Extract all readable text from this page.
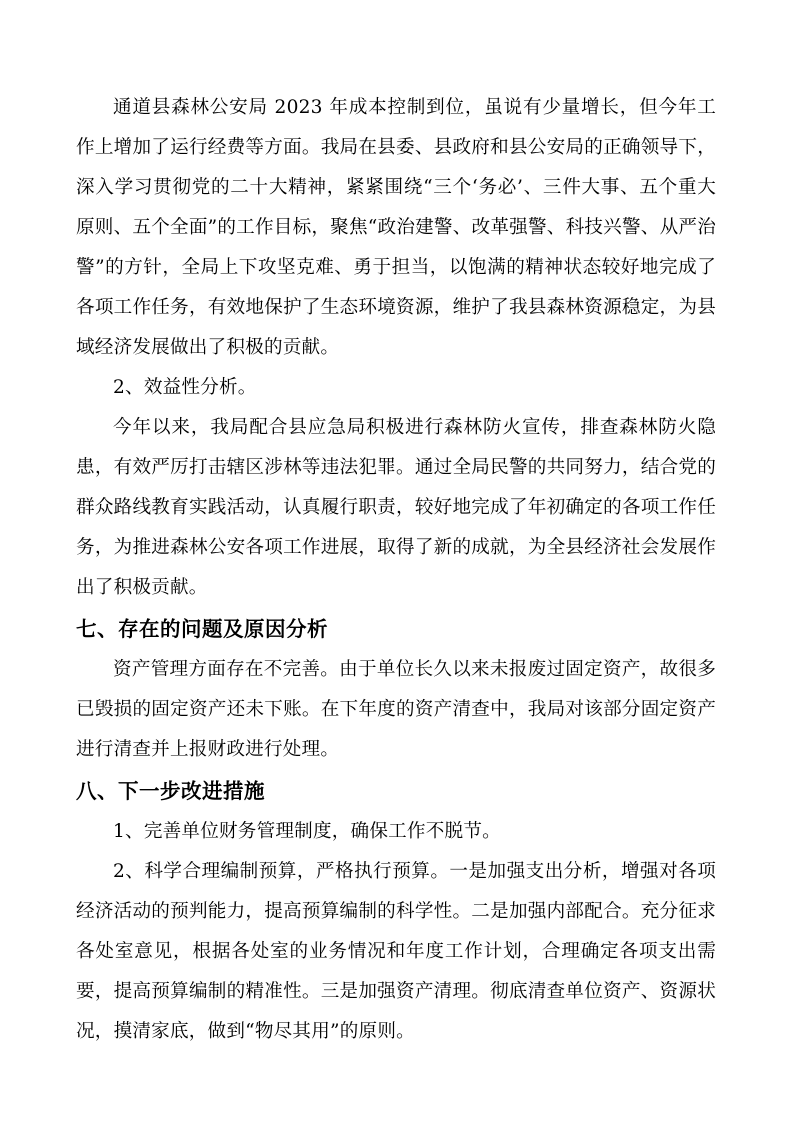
通道县森林公安局 2023 年成本控制到位，虽说有少量增长，但今年工作上增加了运行经费等方面。我局在县委、县政府和县公安局的正确领导下，深入学习贯彻党的二十大精神，紧紧围绕“三个‘务必’、三件大事、五个重大原则、五个全面”的工作目标，聚焦“政治建警、改革强警、科技兴警、从严治警”的方针，全局上下攻坚克难、勇于担当，以饱满的精神状态较好地完成了各项工作任务，有效地保护了生态环境资源，维护了我县森林资源稳定，为县域经济发展做出了积极的贡献。

2、效益性分析。

今年以来，我局配合县应急局积极进行森林防火宣传，排查森林防火隐患，有效严厉打击辖区涉林等违法犯罪。通过全局民警的共同努力，结合党的群众路线教育实践活动，认真履行职责，较好地完成了年初确定的各项工作任务，为推进森林公安各项工作进展，取得了新的成就，为全县经济社会发展作出了积极贡献。

七、存在的问题及原因分析

资产管理方面存在不完善。由于单位长久以来未报废过固定资产，故很多已毁损的固定资产还未下账。在下年度的资产清查中，我局对该部分固定资产进行清查并上报财政进行处理。

八、下一步改进措施

1、完善单位财务管理制度，确保工作不脱节。

2、科学合理编制预算，严格执行预算。一是加强支出分析，增强对各项经济活动的预判能力，提高预算编制的科学性。二是加强内部配合。充分征求各处室意见，根据各处室的业务情况和年度工作计划，合理确定各项支出需要，提高预算编制的精准性。三是加强资产清理。彻底清查单位资产、资源状况，摸清家底，做到“物尽其用”的原则。
